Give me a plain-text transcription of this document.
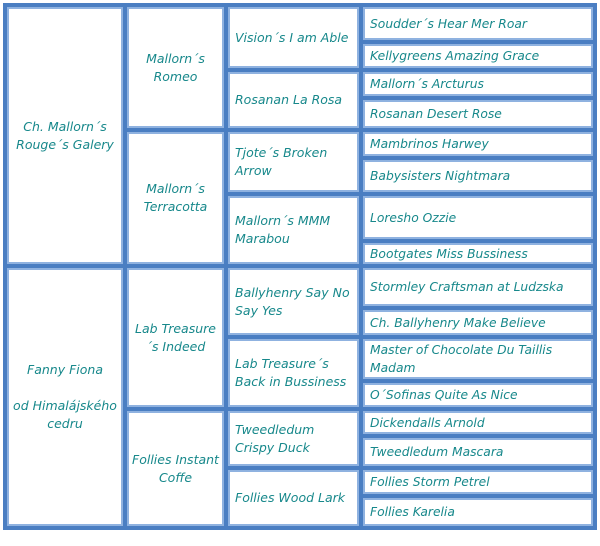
Ch. Mallorn´s Rouge´s Galery
Fanny Fiona

od Himalájského cedru
Mallorn´s Romeo
Mallorn´s Terracotta
Lab Treasure´s Indeed
Follies Instant Coffe
Vision´s I am Able
Rosanan La Rosa
Tjote´s Broken Arrow
Mallorn´s MMM Marabou
Ballyhenry Say No Say Yes
Lab Treasure´s Back in Bussiness
Tweedledum Crispy Duck
Follies Wood Lark
Soudder´s Hear Mer Roar
Kellygreens Amazing Grace
Mallorn´s Arcturus
Rosanan Desert Rose
Mambrinos Harwey
Babysisters Nightmara
Loresho Ozzie
Bootgates Miss Bussiness
Stormley Craftsman at Ludzska
Ch. Ballyhenry Make Believe
Master of Chocolate Du Taillis Madam
O´Sofinas Quite As Nice
Dickendalls Arnold
Tweedledum Mascara
Follies Storm Petrel
Follies Karelia
